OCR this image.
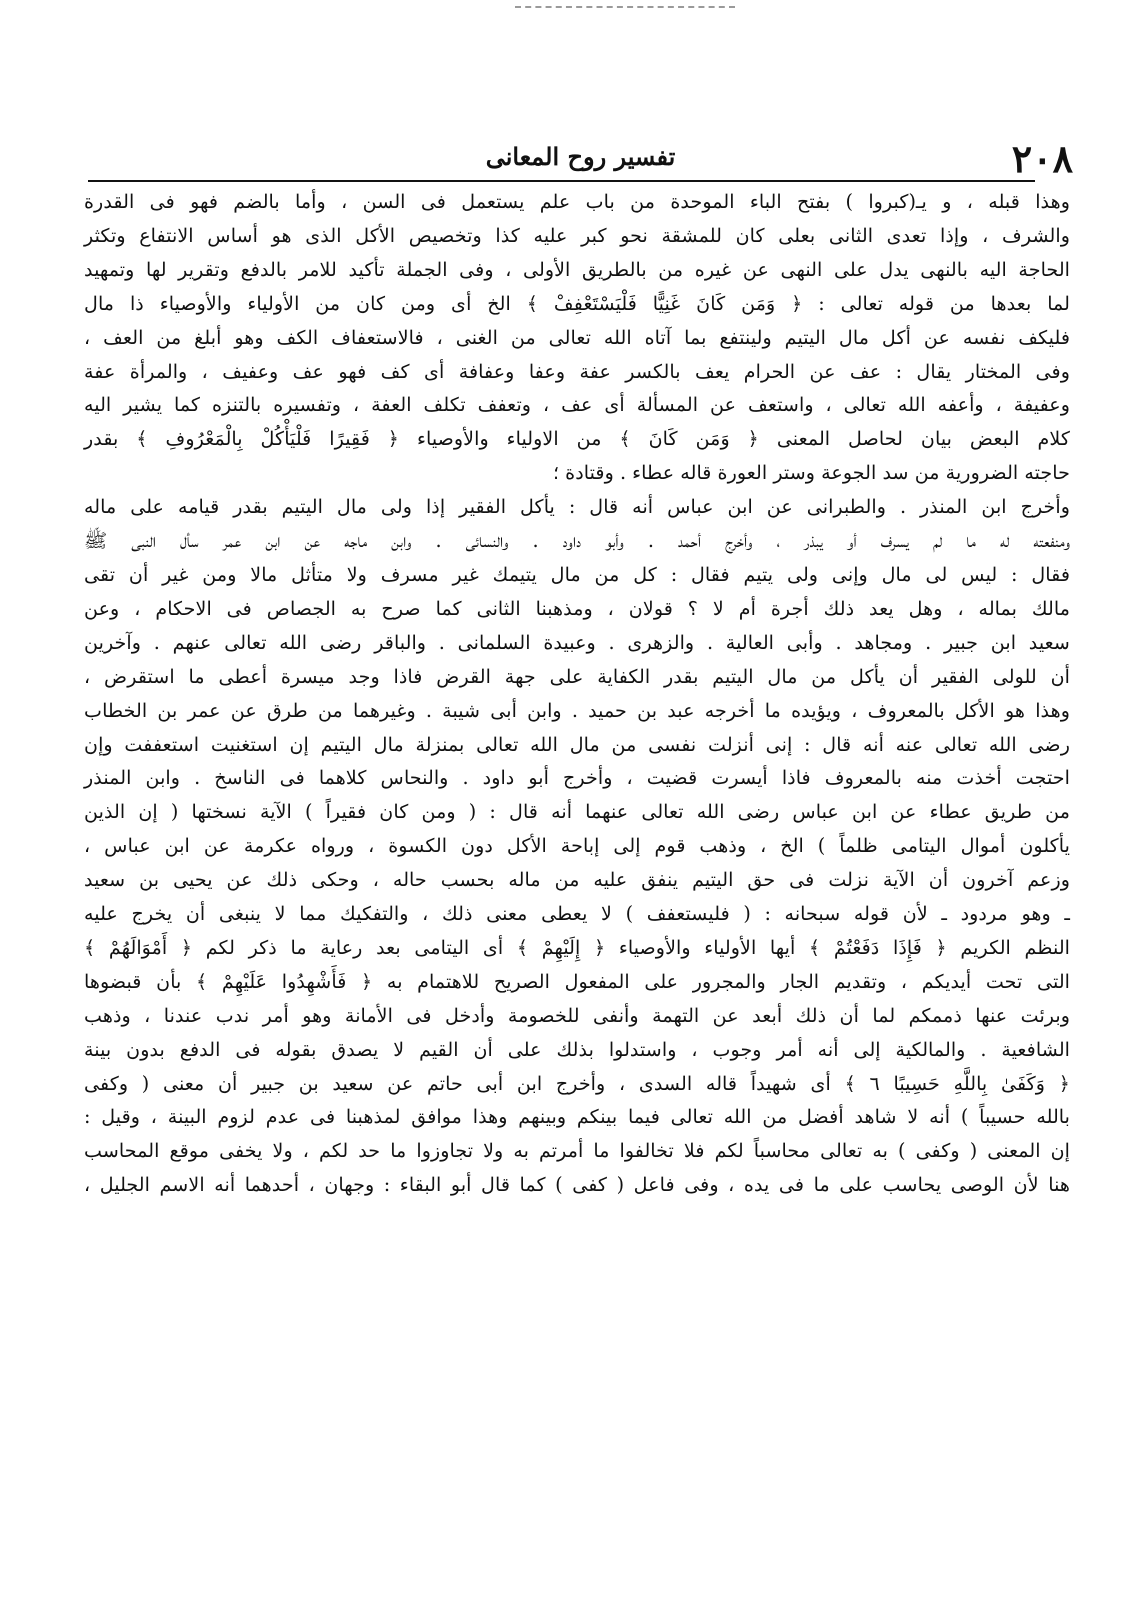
٢٠٨
تفسير روح المعانى

وهذا قبله ، و يـ(كبروا ) بفتح الباء الموحدة من باب علم يستعمل فى السن ، وأما بالضم فهو فى القدرة

والشرف ، وإذا تعدى الثانى بعلى كان للمشقة نحو كبر عليه كذا وتخصيص الأكل الذى هو أساس الانتفاع وتكثر

الحاجة اليه بالنهى يدل على النهى عن غيره من بالطريق الأولى ، وفى الجملة تأكيد للامر بالدفع وتقرير لها وتمهيد

لما بعدها من قوله تعالى : ﴿ وَمَن كَانَ غَنِيًّا فَلْيَسْتَعْفِفْ ﴾ الخ أى ومن كان من الأولياء والأوصياء ذا مال

فليكف نفسه عن أكل مال اليتيم ولينتفع بما آتاه الله تعالى من الغنى ، فالاستعفاف الكف وهو أبلغ من العف ،

وفى المختار يقال : عف عن الحرام يعف بالكسر عفة وعفا وعفافة أى كف فهو عف وعفيف ، والمرأة عفة

وعفيفة ، وأعفه الله تعالى ، واستعف عن المسألة أى عف ، وتعفف تكلف العفة ، وتفسيره بالتنزه كما يشير اليه

كلام البعض بيان لحاصل المعنى ﴿ وَمَن كَانَ ﴾ من الاولياء والأوصياء ﴿ فَقِيرًا فَلْيَأْكُلْ بِالْمَعْرُوفِ ﴾ بقدر

حاجته الضرورية من سد الجوعة وستر العورة قاله عطاء . وقتادة ؛

وأخرج ابن المنذر . والطبرانى عن ابن عباس أنه قال : يأكل الفقير إذا ولى مال اليتيم بقدر قيامه على ماله

ومنفعته له ما لم يسرف أو يبذر ، وأخرج أحمد . وأبو داود . والنسائى . وابن ماجه عن ابن عمر سأل النبى ﷺ

فقال : ليس لى مال وإنى ولى يتيم فقال : كل من مال يتيمك غير مسرف ولا متأثل مالا ومن غير أن تقى

مالك بماله ، وهل يعد ذلك أجرة أم لا ؟ قولان ، ومذهبنا الثانى كما صرح به الجصاص فى الاحكام ، وعن

سعيد ابن جبير . ومجاهد . وأبى العالية . والزهرى . وعبيدة السلمانى . والباقر رضى الله تعالى عنهم . وآخرين

أن للولى الفقير أن يأكل من مال اليتيم بقدر الكفاية على جهة القرض فاذا وجد ميسرة أعطى ما استقرض ،

وهذا هو الأكل بالمعروف ، ويؤيده ما أخرجه عبد بن حميد . وابن أبى شيبة . وغيرهما من طرق عن عمر بن الخطاب

رضى الله تعالى عنه أنه قال : إنى أنزلت نفسى من مال الله تعالى بمنزلة مال اليتيم إن استغنيت استعففت وإن

احتجت أخذت منه بالمعروف فاذا أيسرت قضيت ، وأخرج أبو داود . والنحاس كلاهما فى الناسخ . وابن المنذر

من طريق عطاء عن ابن عباس رضى الله تعالى عنهما أنه قال : ( ومن كان فقيراً ) الآية نسختها ( إن الذين

يأكلون أموال اليتامى ظلماً ) الخ ، وذهب قوم إلى إباحة الأكل دون الكسوة ، ورواه عكرمة عن ابن عباس ،

وزعم آخرون أن الآية نزلت فى حق اليتيم ينفق عليه من ماله بحسب حاله ، وحكى ذلك عن يحيى بن سعيد

ـ وهو مردود ـ لأن قوله سبحانه : ( فليستعفف ) لا يعطى معنى ذلك ، والتفكيك مما لا ينبغى أن يخرج عليه

النظم الكريم ﴿ فَإِذَا دَفَعْتُمْ ﴾ أيها الأولياء والأوصياء ﴿ إِلَيْهِمْ ﴾ أى اليتامى بعد رعاية ما ذكر لكم ﴿ أَمْوَالَهُمْ ﴾

التى تحت أيديكم ، وتقديم الجار والمجرور على المفعول الصريح للاهتمام به ﴿ فَأَشْهِدُوا عَلَيْهِمْ ﴾ بأن قبضوها

وبرئت عنها ذممكم لما أن ذلك أبعد عن التهمة وأنفى للخصومة وأدخل فى الأمانة وهو أمر ندب عندنا ، وذهب

الشافعية . والمالكية إلى أنه أمر وجوب ، واستدلوا بذلك على أن القيم لا يصدق بقوله فى الدفع بدون بينة

﴿ وَكَفَىٰ بِاللَّهِ حَسِيبًا ٦ ﴾ أى شهيداً قاله السدى ، وأخرج ابن أبى حاتم عن سعيد بن جبير أن معنى ( وكفى

بالله حسيباً ) أنه لا شاهد أفضل من الله تعالى فيما بينكم وبينهم وهذا موافق لمذهبنا فى عدم لزوم البينة ، وقيل :

إن المعنى ( وكفى ) به تعالى محاسباً لكم فلا تخالفوا ما أمرتم به ولا تجاوزوا ما حد لكم ، ولا يخفى موقع المحاسب

هنا لأن الوصى يحاسب على ما فى يده ، وفى فاعل ( كفى ) كما قال أبو البقاء : وجهان ، أحدهما أنه الاسم الجليل ،
